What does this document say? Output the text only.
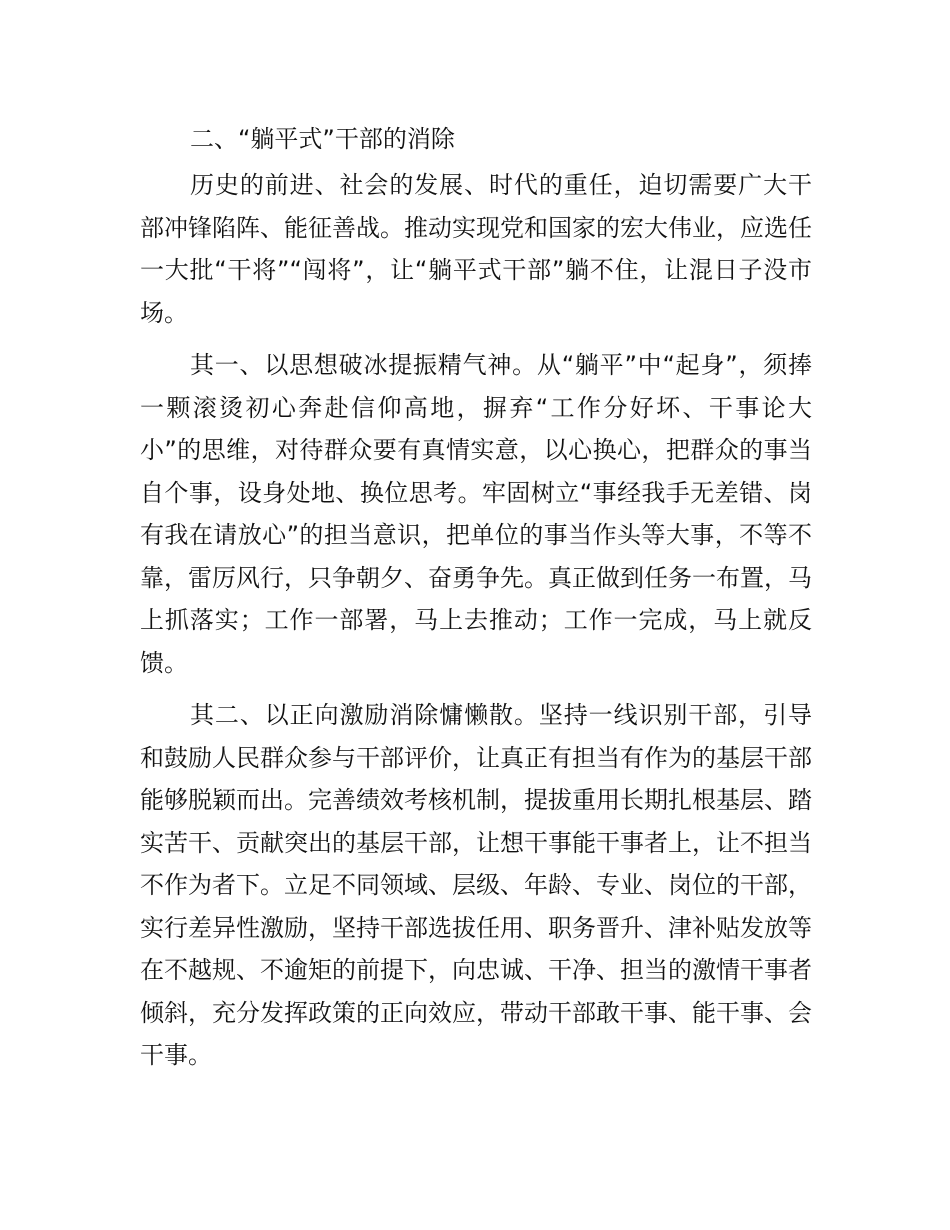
二、“躺平式”干部的消除

历史的前进、社会的发展、时代的重任，迫切需要广大干部冲锋陷阵、能征善战。推动实现党和国家的宏大伟业，应选任一大批“干将”“闯将”，让“躺平式干部”躺不住，让混日子没市场。

其一、以思想破冰提振精气神。从“躺平”中“起身”，须捧一颗滚烫初心奔赴信仰高地，摒弃“工作分好坏、干事论大小”的思维，对待群众要有真情实意，以心换心，把群众的事当自个事，设身处地、换位思考。牢固树立“事经我手无差错、岗有我在请放心”的担当意识，把单位的事当作头等大事，不等不靠，雷厉风行，只争朝夕、奋勇争先。真正做到任务一布置，马上抓落实；工作一部署，马上去推动；工作一完成，马上就反馈。

其二、以正向激励消除慵懒散。坚持一线识别干部，引导和鼓励人民群众参与干部评价，让真正有担当有作为的基层干部能够脱颖而出。完善绩效考核机制，提拔重用长期扎根基层、踏实苦干、贡献突出的基层干部，让想干事能干事者上，让不担当不作为者下。立足不同领域、层级、年龄、专业、岗位的干部，实行差异性激励，坚持干部选拔任用、职务晋升、津补贴发放等在不越规、不逾矩的前提下，向忠诚、干净、担当的激情干事者倾斜，充分发挥政策的正向效应，带动干部敢干事、能干事、会干事。
